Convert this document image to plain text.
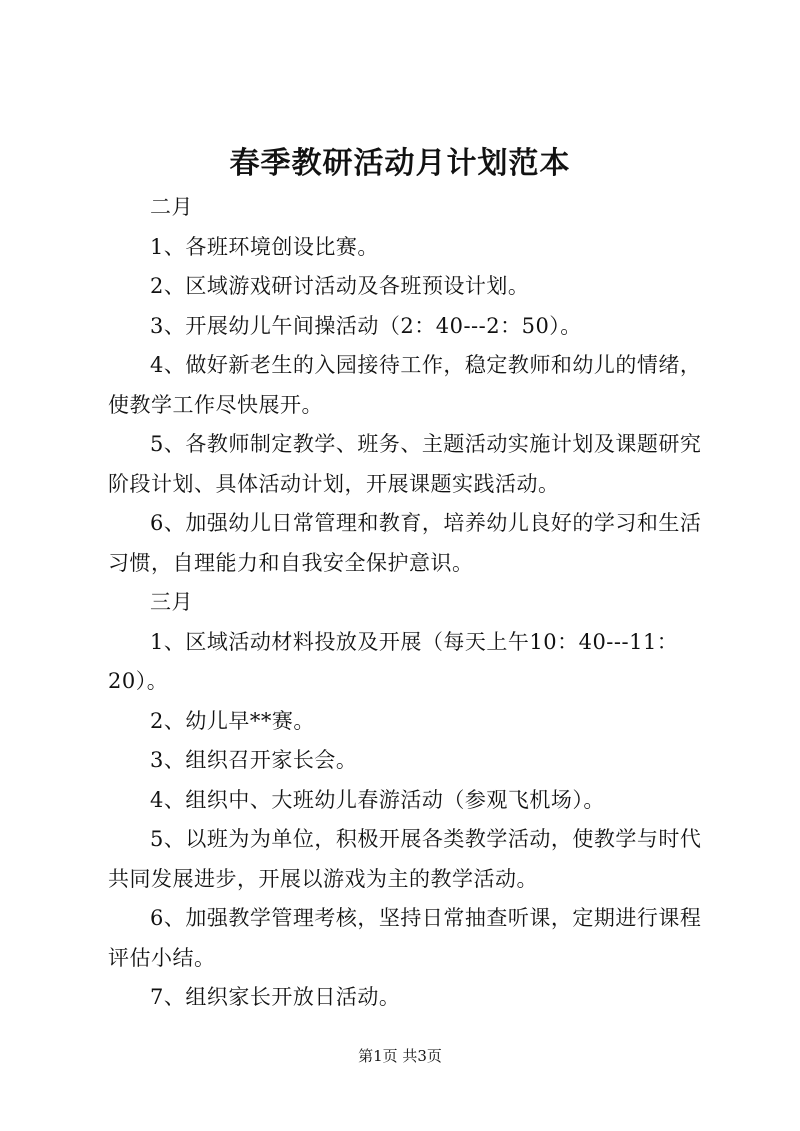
春季教研活动月计划范本

二月

1、各班环境创设比赛。

2、区域游戏研讨活动及各班预设计划。

3、开展幼儿午间操活动（2：40---2：50）。

4、做好新老生的入园接待工作，稳定教师和幼儿的情绪，使教学工作尽快展开。

5、各教师制定教学、班务、主题活动实施计划及课题研究阶段计划、具体活动计划，开展课题实践活动。

6、加强幼儿日常管理和教育，培养幼儿良好的学习和生活习惯，自理能力和自我安全保护意识。

三月

1、区域活动材料投放及开展（每天上午10：40---11：20）。

2、幼儿早**赛。

3、组织召开家长会。

4、组织中、大班幼儿春游活动（参观飞机场）。

5、以班为为单位，积极开展各类教学活动，使教学与时代共同发展进步，开展以游戏为主的教学活动。

6、加强教学管理考核，坚持日常抽查听课，定期进行课程评估小结。

7、组织家长开放日活动。

第1页 共3页
